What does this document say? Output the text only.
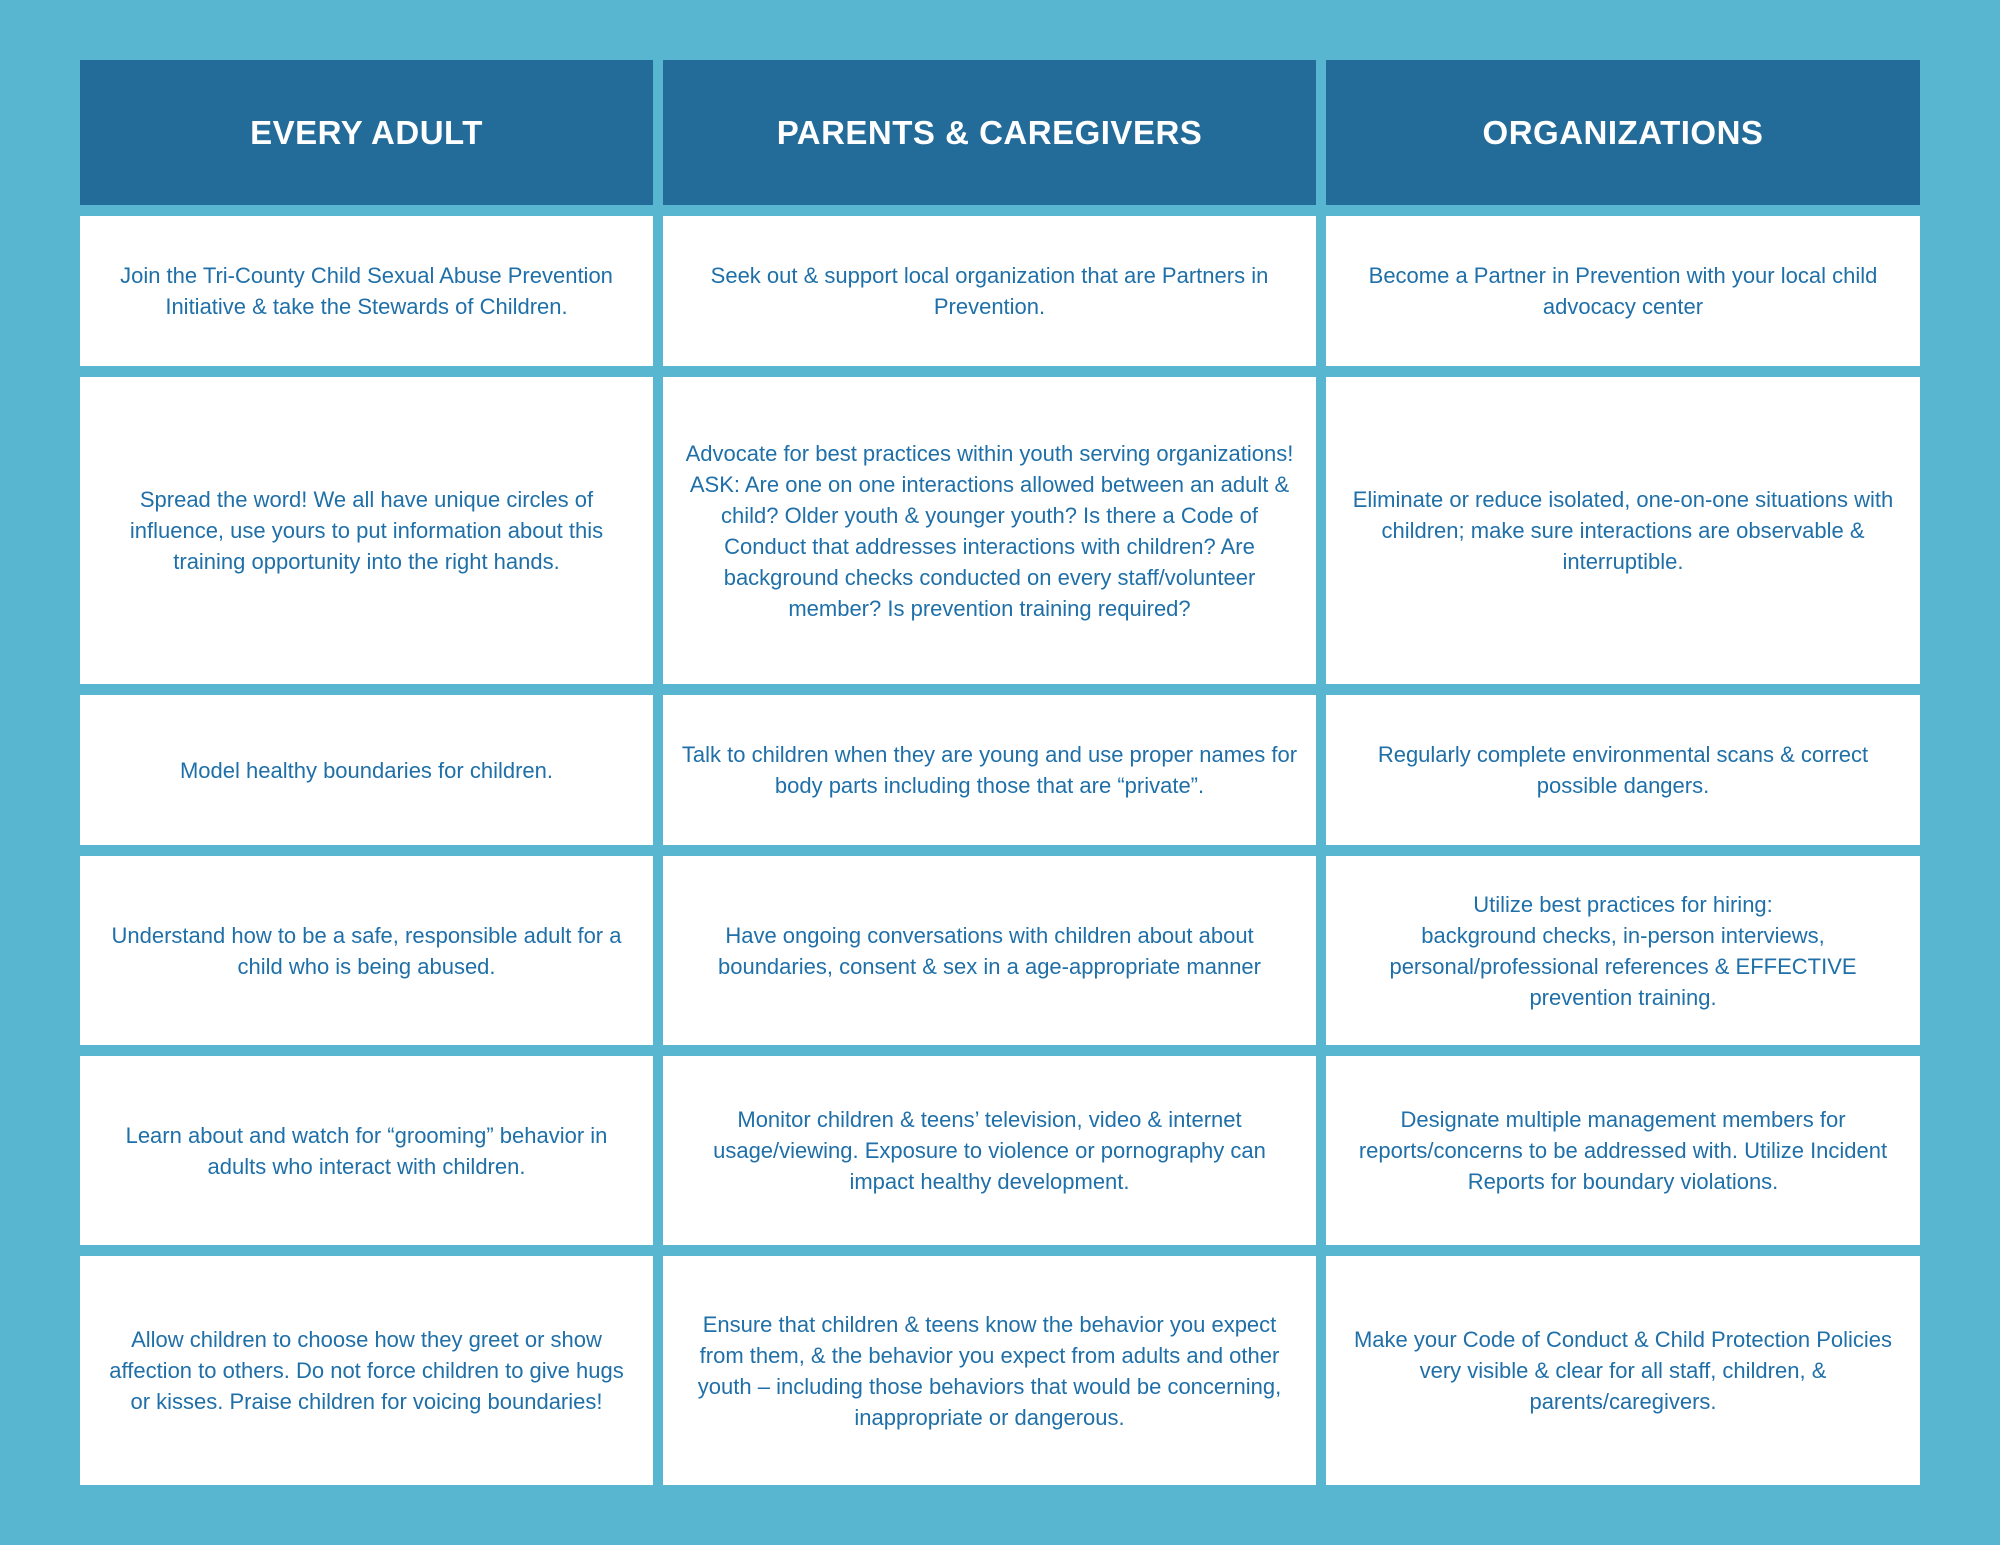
EVERY ADULT	PARENTS & CAREGIVERS	ORGANIZATIONS
Join the Tri-County Child Sexual Abuse Prevention Initiative & take the Stewards of Children.
Seek out & support local organization that are Partners in Prevention.
Become a Partner in Prevention with your local child advocacy center
Spread the word! We all have unique circles of influence, use yours to put information about this training opportunity into the right hands.
Advocate for best practices within youth serving organizations! ASK: Are one on one interactions allowed between an adult & child? Older youth & younger youth? Is there a Code of Conduct that addresses interactions with children? Are background checks conducted on every staff/volunteer member? Is prevention training required?
Eliminate or reduce isolated, one-on-one situations with children; make sure interactions are observable & interruptible.
Model healthy boundaries for children.
Talk to children when they are young and use proper names for body parts including those that are “private”.
Regularly complete environmental scans & correct possible dangers.
Understand how to be a safe, responsible adult for a child who is being abused.
Have ongoing conversations with children about about boundaries, consent & sex in a age-appropriate manner
Utilize best practices for hiring:
background checks, in-person interviews, personal/professional references & EFFECTIVE prevention training.
Learn about and watch for “grooming” behavior in adults who interact with children.
Monitor children & teens’ television, video & internet usage/viewing. Exposure to violence or pornography can impact healthy development.
Designate multiple management members for reports/concerns to be addressed with. Utilize Incident Reports for boundary violations.
Allow children to choose how they greet or show affection to others. Do not force children to give hugs or kisses. Praise children for voicing boundaries!
Ensure that children & teens know the behavior you expect from them, & the behavior you expect from adults and other youth – including those behaviors that would be concerning, inappropriate or dangerous.
Make your Code of Conduct & Child Protection Policies very visible & clear for all staff, children, & parents/caregivers.
